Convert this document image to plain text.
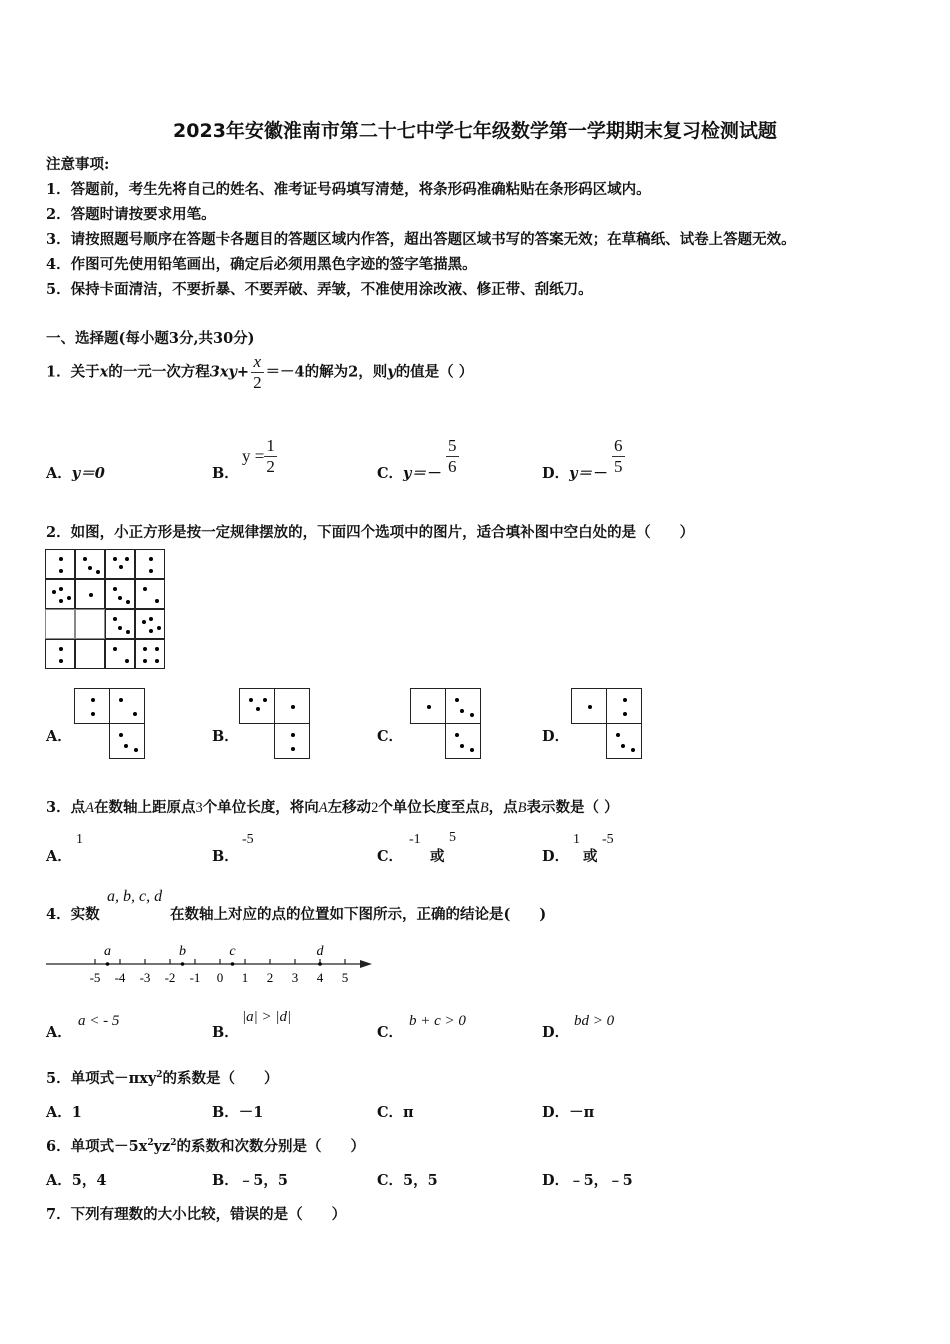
2023年安徽淮南市第二十七中学七年级数学第一学期期末复习检测试题
注意事项:
1．答题前，考生先将自己的姓名、准考证号码填写清楚，将条形码准确粘贴在条形码区域内。
2．答题时请按要求用笔。
3．请按照题号顺序在答题卡各题目的答题区域内作答，超出答题区域书写的答案无效；在草稿纸、试卷上答题无效。
4．作图可先使用铅笔画出，确定后必须用黑色字迹的签字笔描黑。
5．保持卡面清洁，不要折暴、不要弄破、弄皱，不准使用涂改液、修正带、刮纸刀。
一、选择题(每小题3分,共30分)
1．关于x的一元一次方程$3xy+ \frac{x}{2} =-4$的解为2，则y的值是（ ）
A．y＝0	B．
$y = \frac{1}{2}$	C．$y=- \frac{5}{6}$	D．$y=- \frac{6}{5}$
2．如图，小正方形是按一定规律摆放的，下面四个选项中的图片，适合填补图中空白处的是（　　）
A．	B．	C．	D．
3．点A在数轴上距原点3个单位长度，将向A左移动2个单位长度至点B，点B表示数是（ ）
A．
1
B．
-5
C．
-1
或
5
D．
1
或
-5
4．实数
a, b, c, d
在数轴上对应的点的位置如下图所示，正确的结论是(　　)
-5 -4 -3 -2 -1 0 1 2 3 4 5
a	b	c	d
A．
a < - 5
B．
|a| > |d|
C．
b + c > 0
D．
bd > 0
5．单项式－πxy$^2$的系数是（　　）
A．1	B．－1	C．π	D．－π
6．单项式$-5x^2yz^2$的系数和次数分别是（　　）
A．5，4	B．﹣5，5	C．5，5	D．﹣5，﹣5
7．下列有理数的大小比较，错误的是（　　）
